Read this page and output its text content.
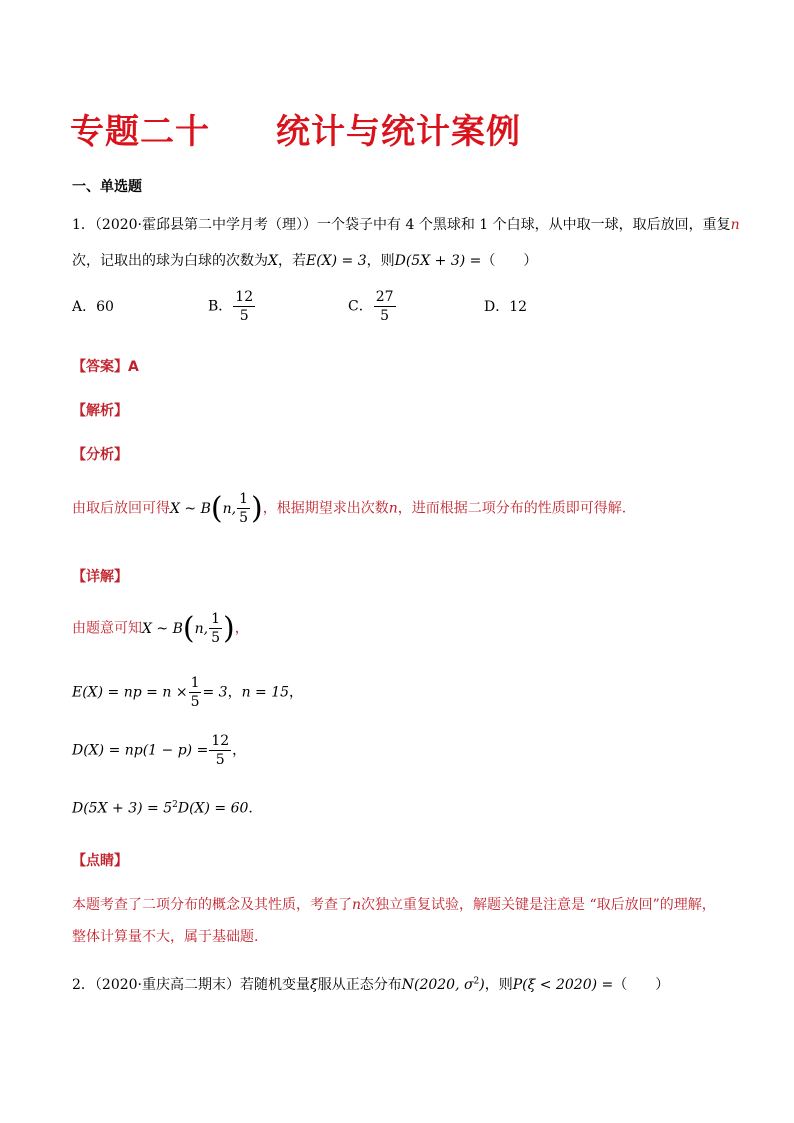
专题二十 统计与统计案例
一、单选题
1．（2020·霍邱县第二中学月考（理））一个袋子中有 4 个黑球和 1 个白球，从中取一球，取后放回，重复n
次，记取出的球为白球的次数为X，若E(X) = 3，则D(5X + 3) =（　　）
A．60	B． $\frac{12}{5}$	C． $\frac{27}{5}$	D．12
【答案】A
【解析】
【分析】
由取后放回可得X ~ B(n, $\frac{1}{5}$ )，根据期望求出次数n，进而根据二项分布的性质即可得解.
【详解】
由题意可知X ~ B(n, $\frac{1}{5}$ )，
E(X) = np = $n \times \frac{1}{5} = 3$，n = 15，
$D(X) = np(1 - p) = \frac{12}{5}$ ，
$D(5X + 3) = 5^2D(X) = 60$.
【点睛】
本题考查了二项分布的概念及其性质，考查了n次独立重复试验，解题关键是注意是 “取后放回”的理解，
整体计算量不大，属于基础题.
2．（2020·重庆高二期末）若随机变量ξ服从正态分布N(2020, $\sigma^2$)，则P(ξ < 2020) =（　　）
